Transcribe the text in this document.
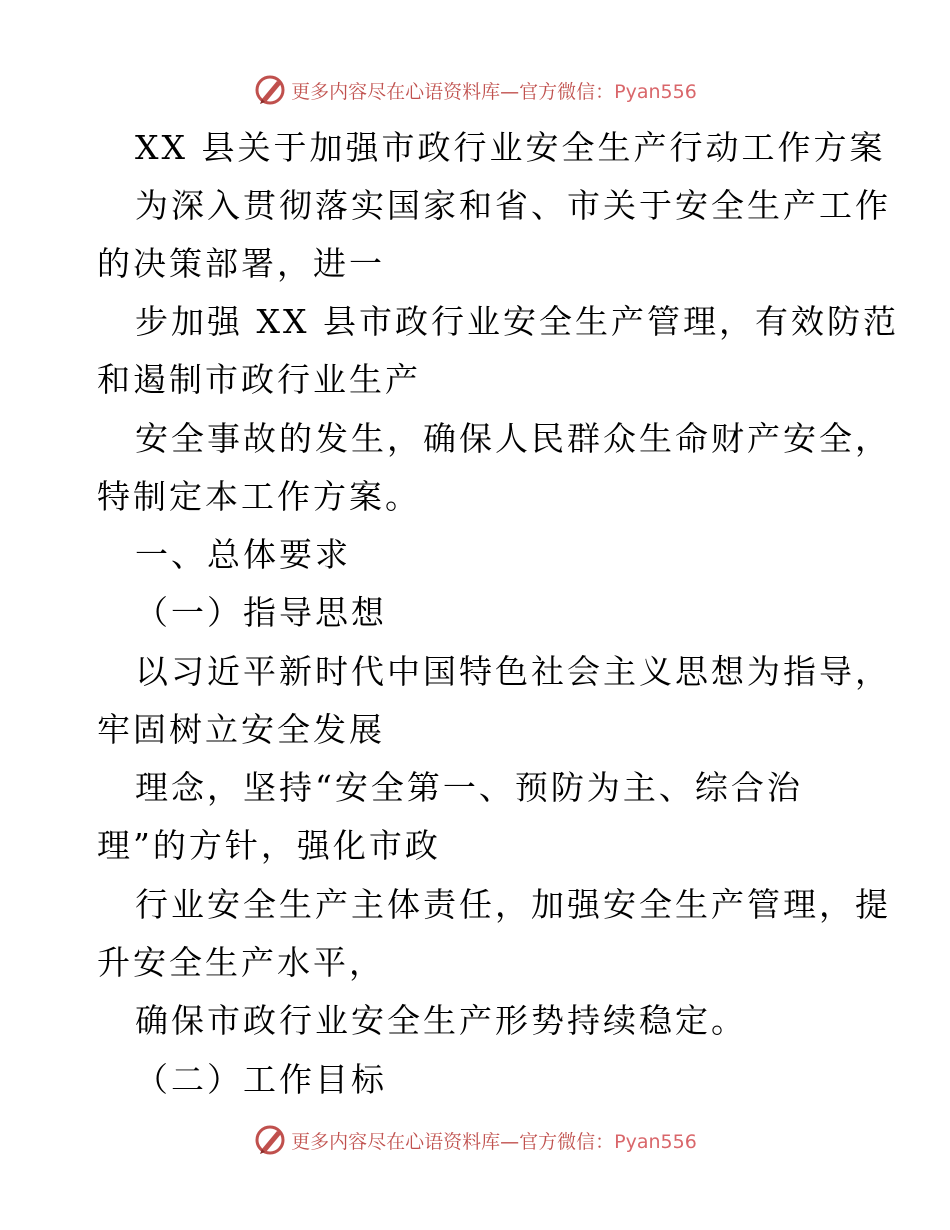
更多内容尽在心语资料库—官方微信：Pyan556
XX 县关于加强市政行业安全生产行动工作方案
为深入贯彻落实国家和省、市关于安全生产工作
的决策部署，进一
步加强 XX 县市政行业安全生产管理，有效防范
和遏制市政行业生产
安全事故的发生，确保人民群众生命财产安全，
特制定本工作方案。
一、总体要求
（一）指导思想
以习近平新时代中国特色社会主义思想为指导，
牢固树立安全发展
理念，坚持“安全第一、预防为主、综合治
理”的方针，强化市政
行业安全生产主体责任，加强安全生产管理，提
升安全生产水平，
确保市政行业安全生产形势持续稳定。
（二）工作目标
更多内容尽在心语资料库—官方微信：Pyan556
